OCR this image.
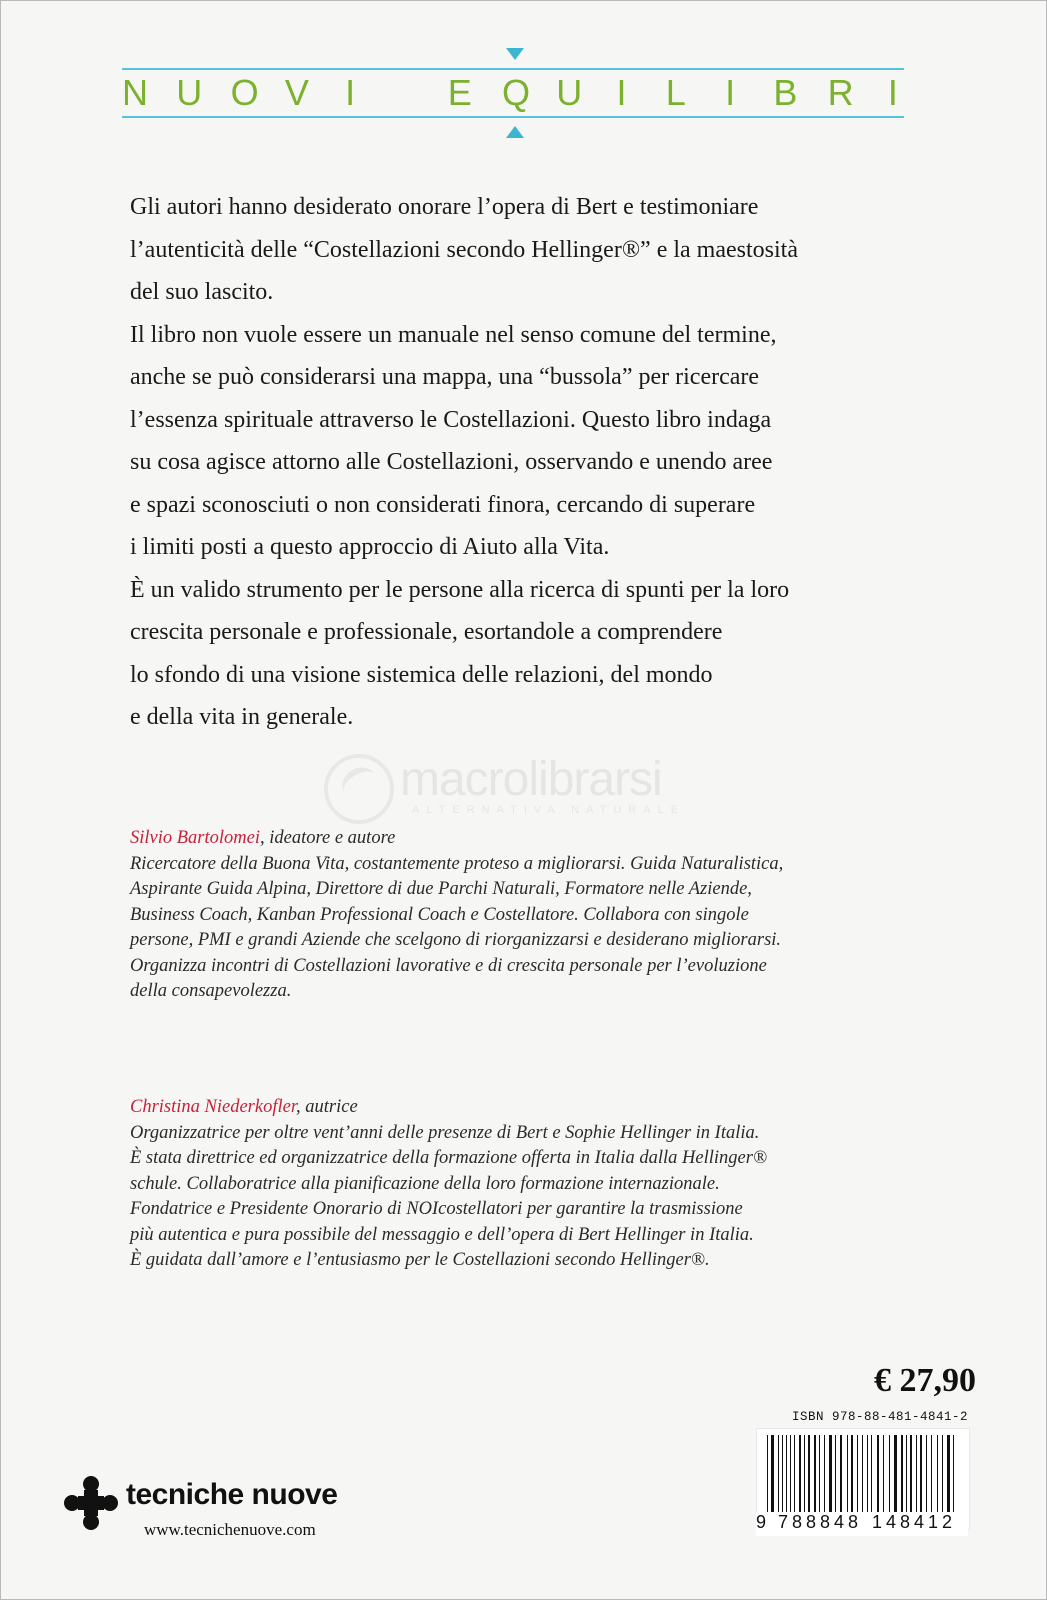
N U O V I	E Q U I L I B R I
Gli autori hanno desiderato onorare l’opera di Bert e testimoniare
l’autenticità delle “Costellazioni secondo Hellinger®” e la maestosità
del suo lascito.
Il libro non vuole essere un manuale nel senso comune del termine,
anche se può considerarsi una mappa, una “bussola” per ricercare
l’essenza spirituale attraverso le Costellazioni. Questo libro indaga
su cosa agisce attorno alle Costellazioni, osservando e unendo aree
e spazi sconosciuti o non considerati finora, cercando di superare
i limiti posti a questo approccio di Aiuto alla Vita.
È un valido strumento per le persone alla ricerca di spunti per la loro
crescita personale e professionale, esortandole a comprendere
lo sfondo di una visione sistemica delle relazioni, del mondo
e della vita in generale.
macrolibrarsi
ALTERNATIVA NATURALE
Silvio Bartolomei, ideatore e autore
Ricercatore della Buona Vita, costantemente proteso a migliorarsi. Guida Naturalistica,
Aspirante Guida Alpina, Direttore di due Parchi Naturali, Formatore nelle Aziende,
Business Coach, Kanban Professional Coach e Costellatore. Collabora con singole
persone, PMI e grandi Aziende che scelgono di riorganizzarsi e desiderano migliorarsi.
Organizza incontri di Costellazioni lavorative e di crescita personale per l’evoluzione
della consapevolezza.
Christina Niederkofler, autrice
Organizzatrice per oltre vent’anni delle presenze di Bert e Sophie Hellinger in Italia.
È stata direttrice ed organizzatrice della formazione offerta in Italia dalla Hellinger®
schule. Collaboratrice alla pianificazione della loro formazione internazionale.
Fondatrice e Presidente Onorario di NOIcostellatori per garantire la trasmissione
più autentica e pura possibile del messaggio e dell’opera di Bert Hellinger in Italia.
È guidata dall’amore e l’entusiasmo per le Costellazioni secondo Hellinger®.
€ 27,90
ISBN 978-88-481-4841-2
9 788848 148412
tecniche nuove
www.tecnichenuove.com
